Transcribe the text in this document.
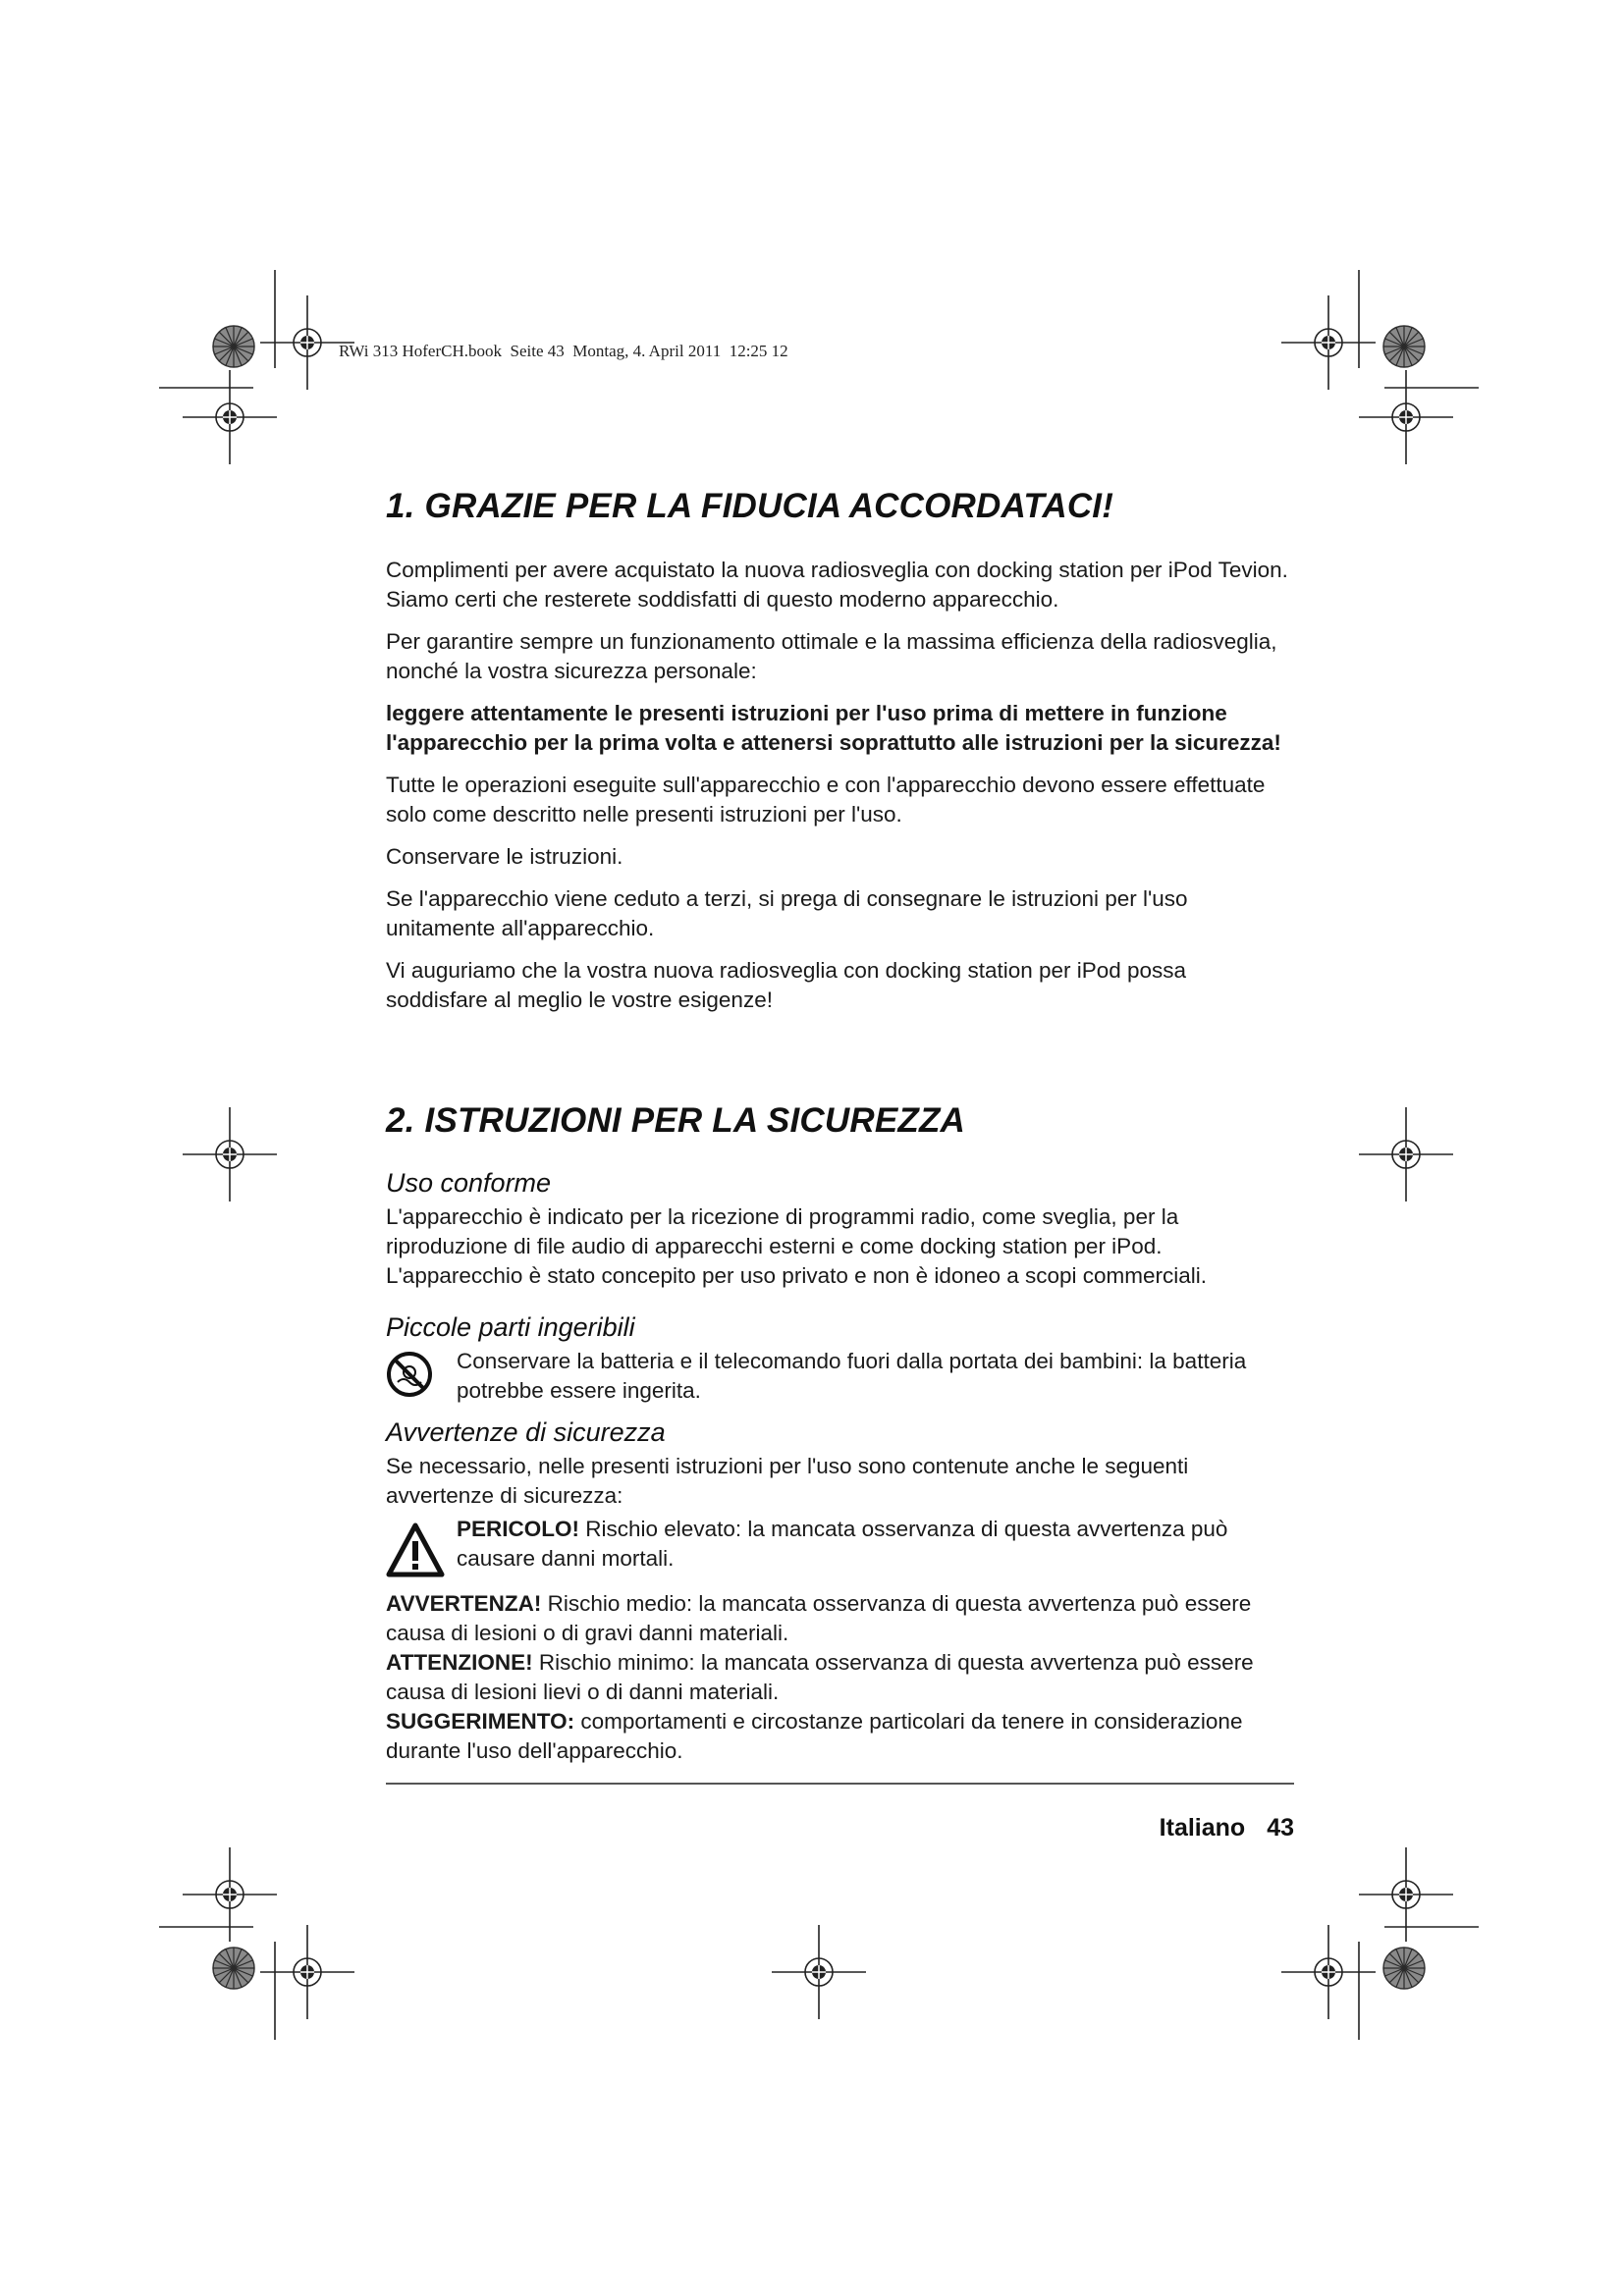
RWi 313 HoferCH.book  Seite 43  Montag, 4. April 2011  12:25 12
1. GRAZIE PER LA FIDUCIA ACCORDATACI!

Complimenti per avere acquistato la nuova radiosveglia con docking station per iPod Tevion. Siamo certi che resterete soddisfatti di questo moderno apparecchio.

Per garantire sempre un funzionamento ottimale e la massima efficienza della radiosveglia, nonché la vostra sicurezza personale:

leggere attentamente le presenti istruzioni per l'uso prima di mettere in funzione l'apparecchio per la prima volta e attenersi soprattutto alle istruzioni per la sicurezza!

Tutte le operazioni eseguite sull'apparecchio e con l'apparecchio devono essere effettuate solo come descritto nelle presenti istruzioni per l'uso.

Conservare le istruzioni.

Se l'apparecchio viene ceduto a terzi, si prega di consegnare le istruzioni per l'uso unitamente all'apparecchio.

Vi auguriamo che la vostra nuova radiosveglia con docking station per iPod possa soddisfare al meglio le vostre esigenze!

2. ISTRUZIONI PER LA SICUREZZA
Uso conforme

L'apparecchio è indicato per la ricezione di programmi radio, come sveglia, per la riproduzione di file audio di apparecchi esterni e come docking station per iPod.

L'apparecchio è stato concepito per uso privato e non è idoneo a scopi commerciali.

Piccole parti ingeribili

Conservare la batteria e il telecomando fuori dalla portata dei bambini: la batteria potrebbe essere ingerita.

Avvertenze di sicurezza

Se necessario, nelle presenti istruzioni per l'uso sono contenute anche le seguenti avvertenze di sicurezza:

PERICOLO! Rischio elevato: la mancata osservanza di questa avvertenza può causare danni mortali.

AVVERTENZA! Rischio medio: la mancata osservanza di questa avvertenza può essere causa di lesioni o di gravi danni materiali.

ATTENZIONE! Rischio minimo: la mancata osservanza di questa avvertenza può essere causa di lesioni lievi o di danni materiali.

SUGGERIMENTO: comportamenti e circostanze particolari da tenere in considerazione durante l'uso dell'apparecchio.

Italiano 43
